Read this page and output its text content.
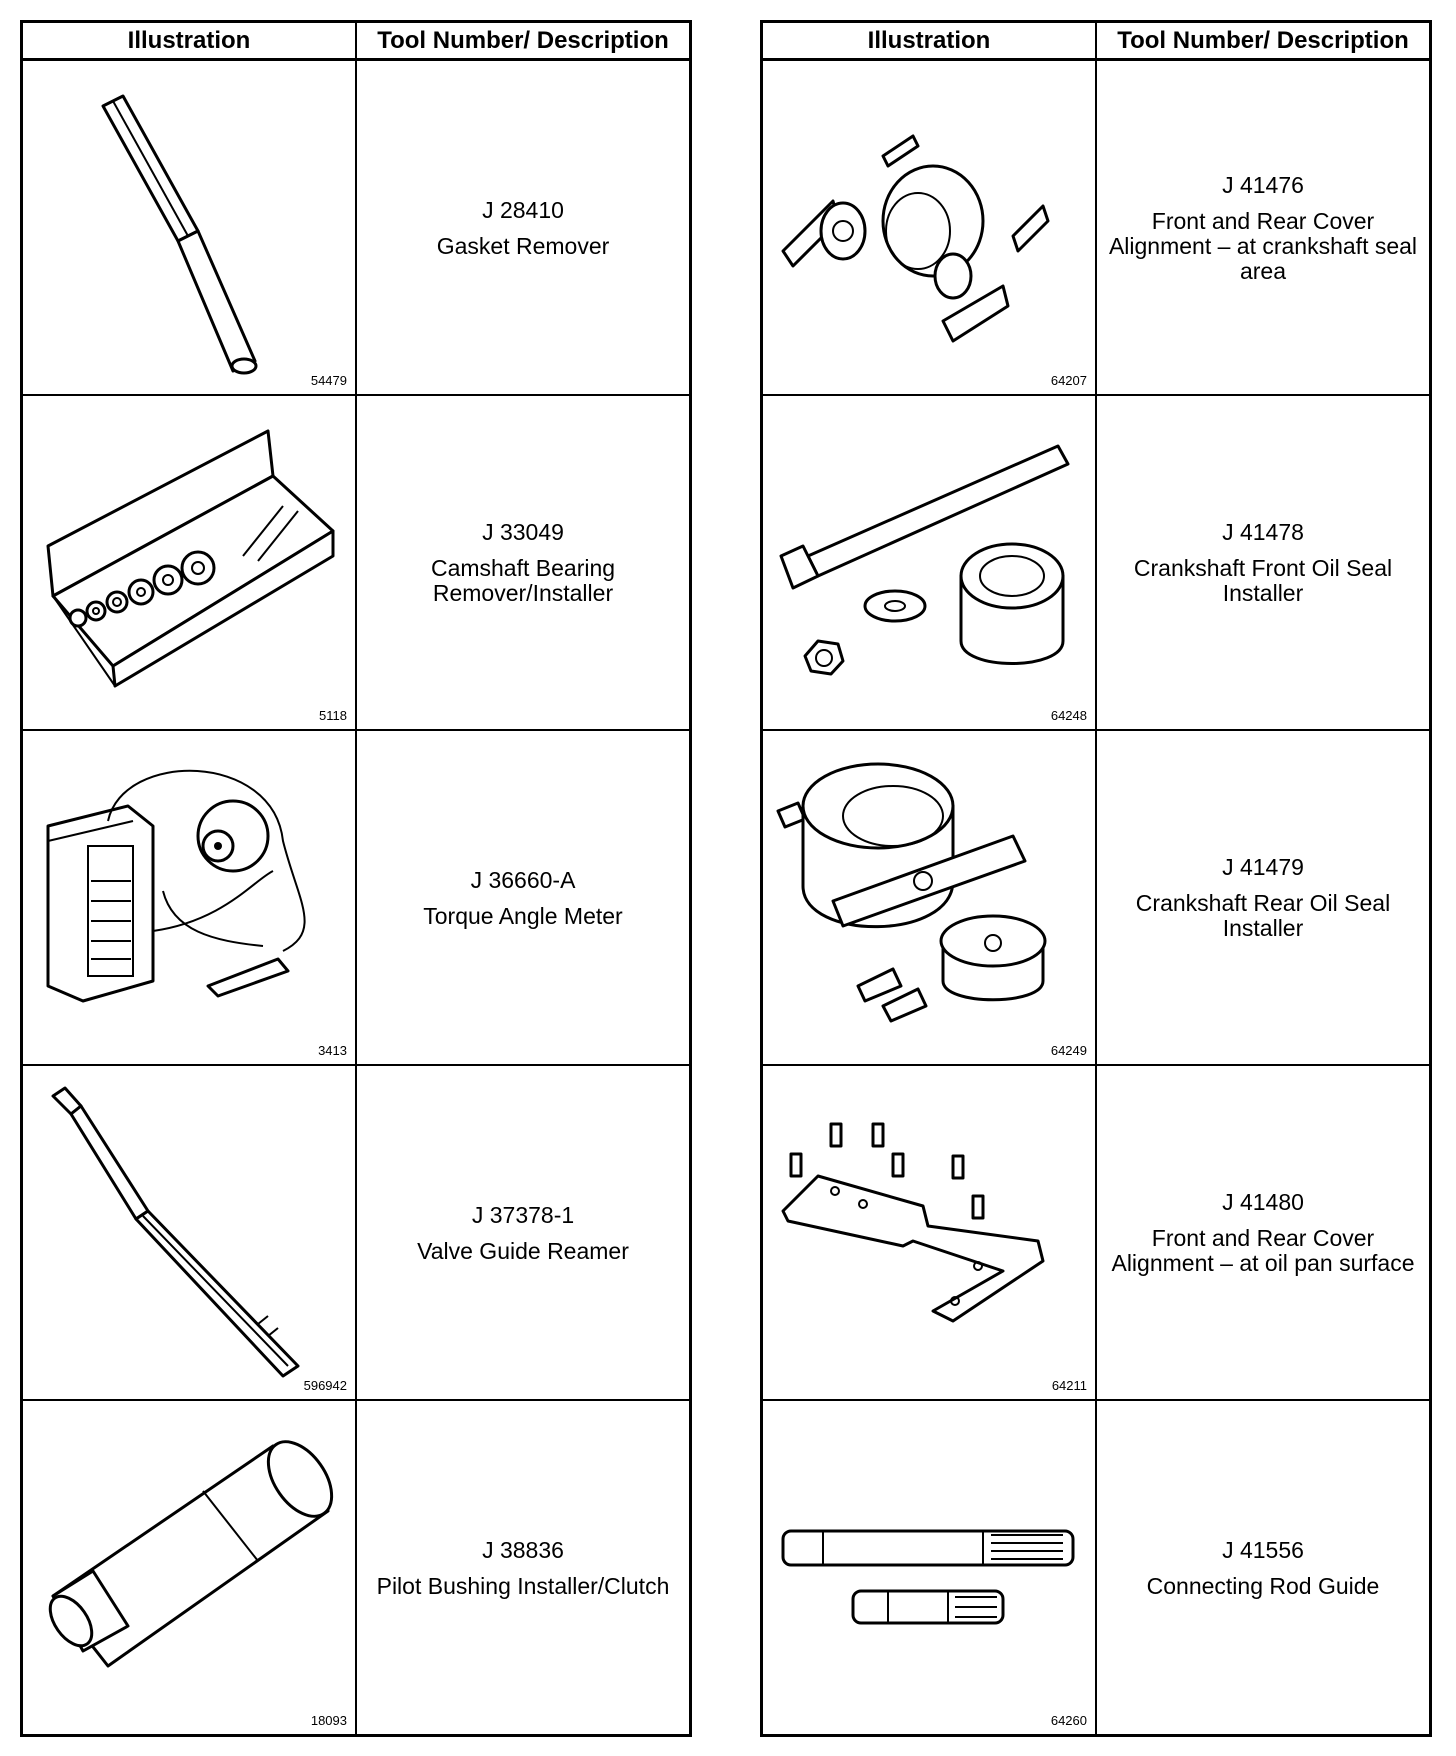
Illustration	Tool Number/ Description
54479
J 28410
Gasket Remover
5118
J 33049
Camshaft Bearing Remover/Installer
3413
J 36660-A
Torque Angle Meter
596942
J 37378-1
Valve Guide Reamer
18093
J 38836
Pilot Bushing Installer/Clutch
Illustration	Tool Number/ Description
64207
J 41476
Front and Rear Cover Alignment – at crankshaft seal area
64248
J 41478
Crankshaft Front Oil Seal Installer
64249
J 41479
Crankshaft Rear Oil Seal Installer
64211
J 41480
Front and Rear Cover Alignment – at oil pan surface
64260
J 41556
Connecting Rod Guide
